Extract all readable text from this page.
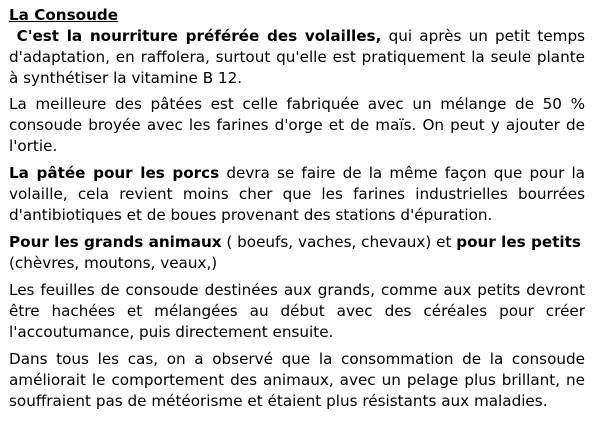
La Consoude

C'est la nourriture préférée des volailles, qui après un petit temps d'adaptation, en raffolera, surtout qu'elle est pratiquement la seule plante à synthétiser la vitamine B 12.

La meilleure des pâtées est celle fabriquée avec un mélange de 50 % consoude broyée avec les farines d'orge et de maïs. On peut y ajouter de l'ortie.

La pâtée pour les porcs devra se faire de la même façon que pour la volaille, cela revient moins cher que les farines industrielles bourrées d'antibiotiques et de boues provenant des stations d'épuration.

Pour les grands animaux ( boeufs, vaches, chevaux) et pour les petits (chèvres, moutons, veaux,)

Les feuilles de consoude destinées aux grands, comme aux petits devront être hachées et mélangées au début avec des céréales pour créer l'accoutumance, puis directement ensuite.

Dans tous les cas, on a observé que la consommation de la consoude améliorait le comportement des animaux, avec un pelage plus brillant, ne souffraient pas de météorisme et étaient plus résistants aux maladies.
